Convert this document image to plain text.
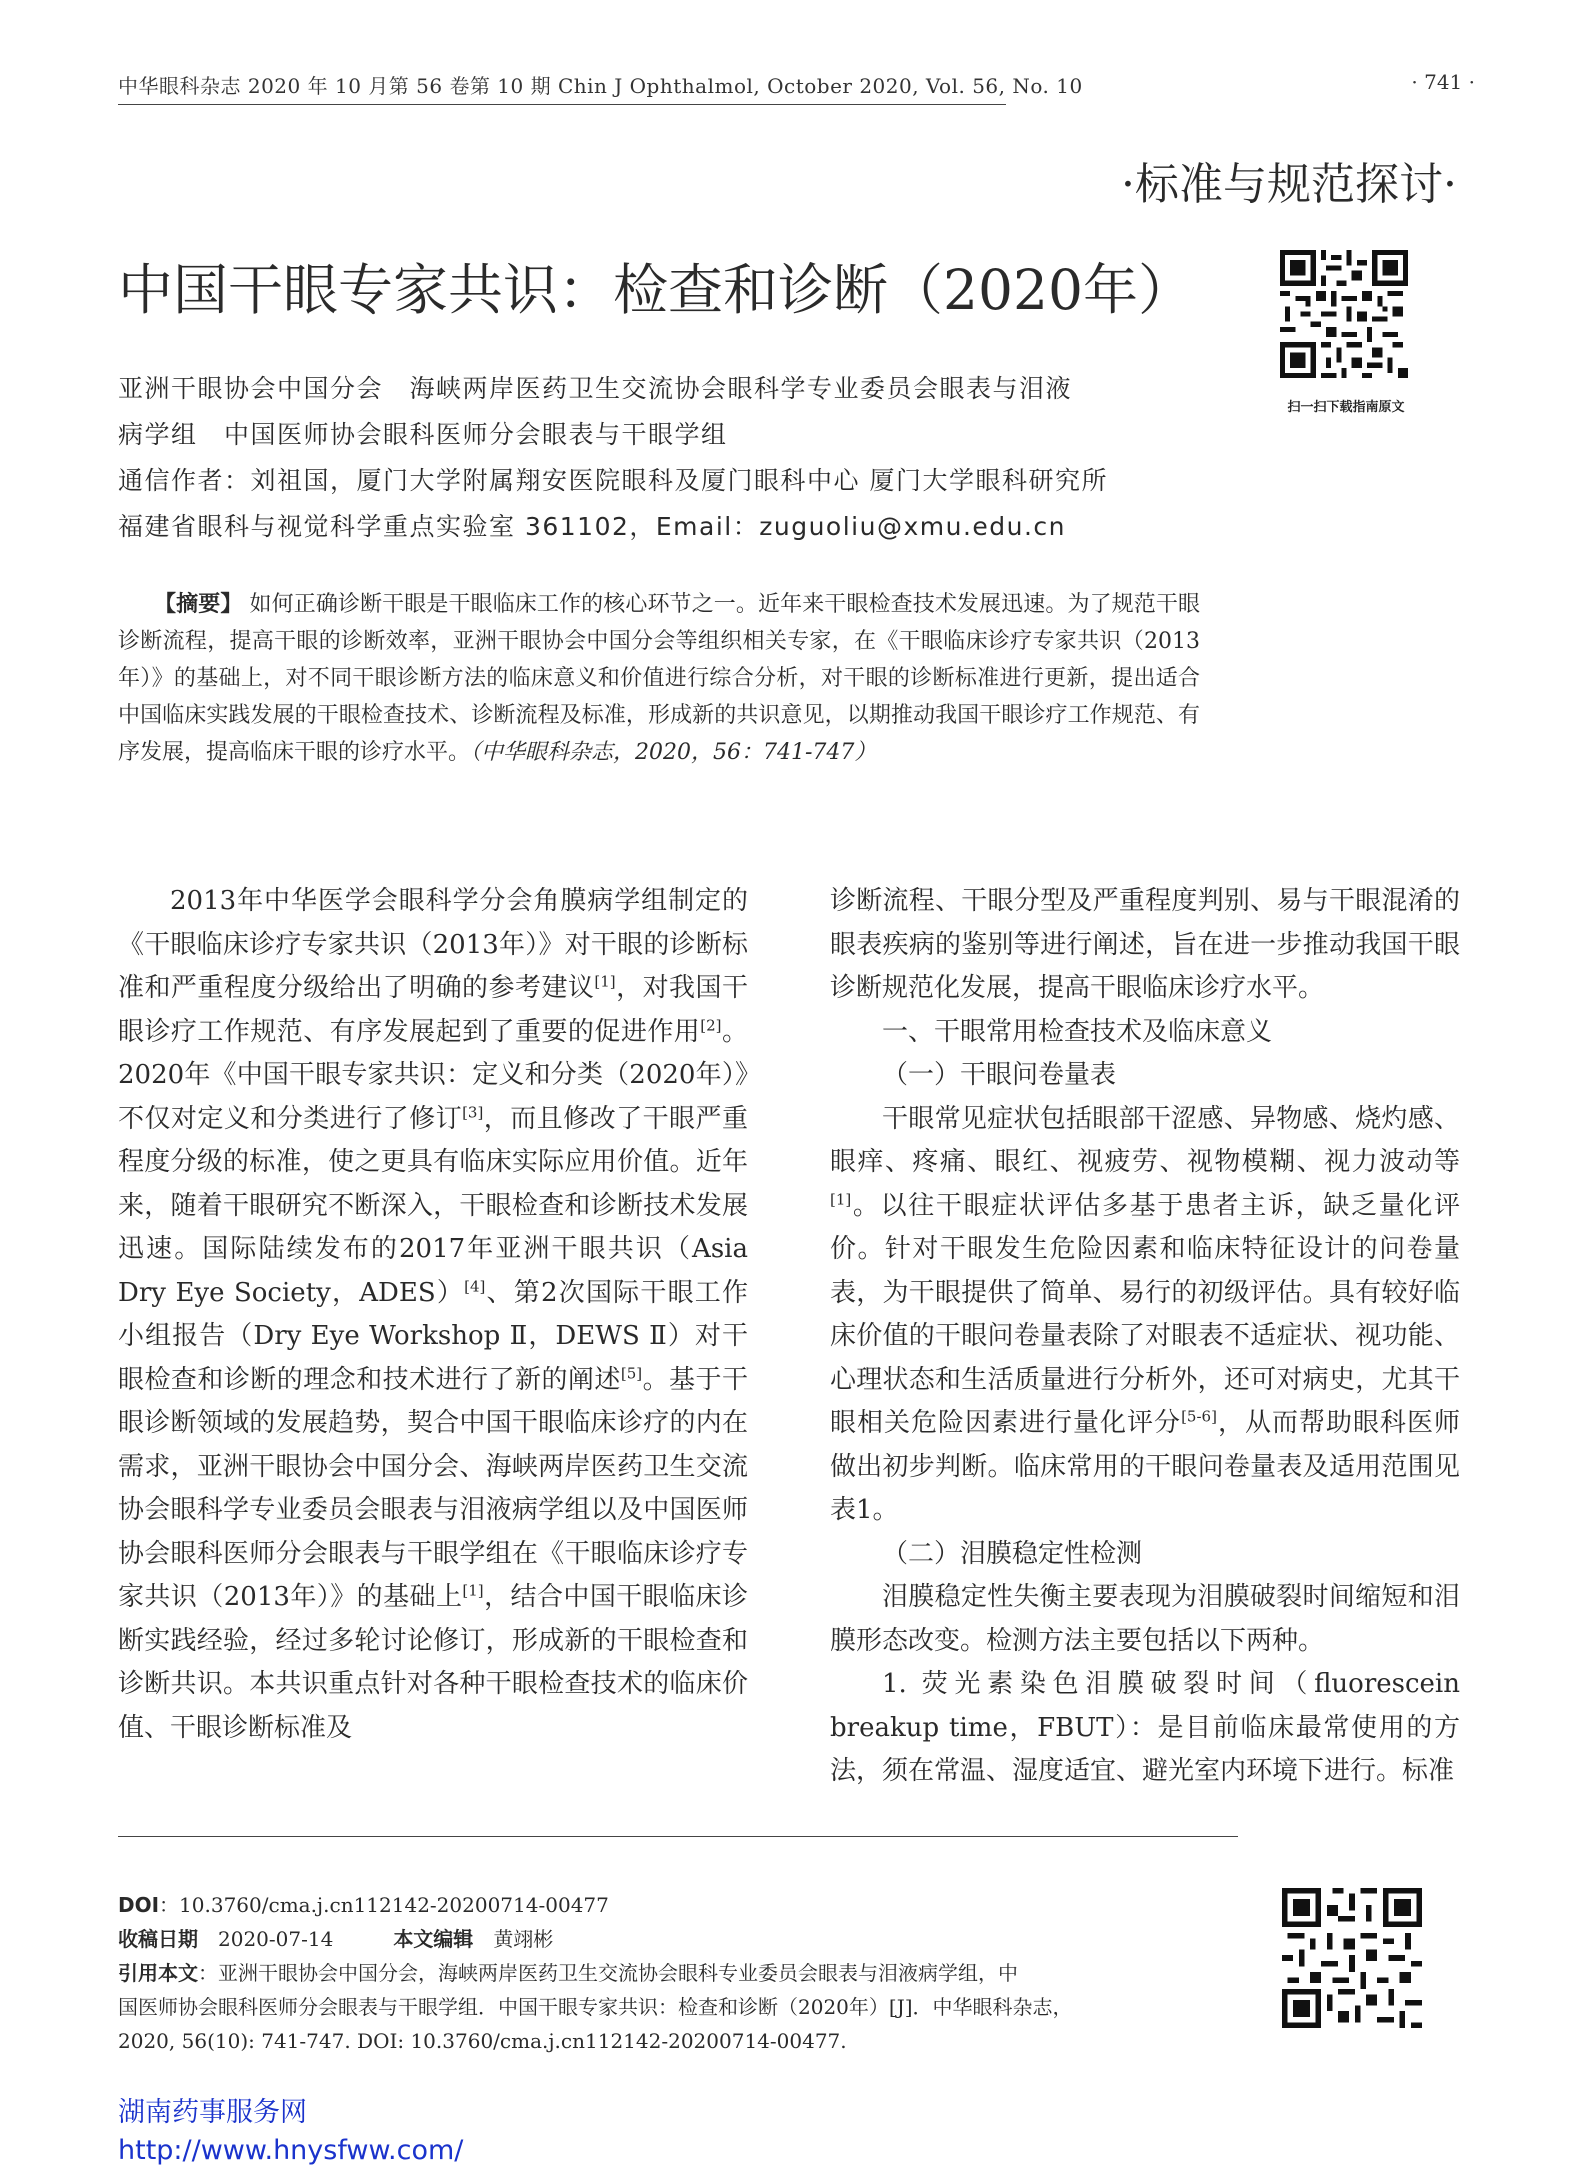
中华眼科杂志 2020 年 10 月第 56 卷第 10 期 Chin J Ophthalmol, October 2020, Vol. 56, No. 10	· 741 ·
·标准与规范探讨·
中国干眼专家共识：检查和诊断（2020年）
扫一扫下载指南原文
亚洲干眼协会中国分会　海峡两岸医药卫生交流协会眼科学专业委员会眼表与泪液
病学组　中国医师协会眼科医师分会眼表与干眼学组
通信作者：刘祖国，厦门大学附属翔安医院眼科及厦门眼科中心 厦门大学眼科研究所
福建省眼科与视觉科学重点实验室 361102，Email：zuguoliu@xmu.edu.cn
【摘要】 如何正确诊断干眼是干眼临床工作的核心环节之一。近年来干眼检查技术发展迅速。为了规范干眼诊断流程，提高干眼的诊断效率，亚洲干眼协会中国分会等组织相关专家，在《干眼临床诊疗专家共识（2013年）》的基础上，对不同干眼诊断方法的临床意义和价值进行综合分析，对干眼的诊断标准进行更新，提出适合中国临床实践发展的干眼检查技术、诊断流程及标准，形成新的共识意见，以期推动我国干眼诊疗工作规范、有序发展，提高临床干眼的诊疗水平。（中华眼科杂志，2020，56：741-747）

2013年中华医学会眼科学分会角膜病学组制定的《干眼临床诊疗专家共识（2013年）》对干眼的诊断标准和严重程度分级给出了明确的参考建议[1]，对我国干眼诊疗工作规范、有序发展起到了重要的促进作用[2]。2020年《中国干眼专家共识：定义和分类（2020年）》不仅对定义和分类进行了修订[3]，而且修改了干眼严重程度分级的标准，使之更具有临床实际应用价值。近年来，随着干眼研究不断深入，干眼检查和诊断技术发展迅速。国际陆续发布的2017年亚洲干眼共识（Asia Dry Eye Society，ADES）[4]、第2次国际干眼工作小组报告（Dry Eye Workshop Ⅱ，DEWS Ⅱ）对干眼检查和诊断的理念和技术进行了新的阐述[5]。基于干眼诊断领域的发展趋势，契合中国干眼临床诊疗的内在需求，亚洲干眼协会中国分会、海峡两岸医药卫生交流协会眼科学专业委员会眼表与泪液病学组以及中国医师协会眼科医师分会眼表与干眼学组在《干眼临床诊疗专家共识（2013年）》的基础上[1]，结合中国干眼临床诊断实践经验，经过多轮讨论修订，形成新的干眼检查和诊断共识。本共识重点针对各种干眼检查技术的临床价值、干眼诊断标准及

诊断流程、干眼分型及严重程度判别、易与干眼混淆的眼表疾病的鉴别等进行阐述，旨在进一步推动我国干眼诊断规范化发展，提高干眼临床诊疗水平。

一、干眼常用检查技术及临床意义

（一）干眼问卷量表

干眼常见症状包括眼部干涩感、异物感、烧灼感、眼痒、疼痛、眼红、视疲劳、视物模糊、视力波动等[1]。以往干眼症状评估多基于患者主诉，缺乏量化评价。针对干眼发生危险因素和临床特征设计的问卷量表，为干眼提供了简单、易行的初级评估。具有较好临床价值的干眼问卷量表除了对眼表不适症状、视功能、心理状态和生活质量进行分析外，还可对病史，尤其干眼相关危险因素进行量化评分[5-6]，从而帮助眼科医师做出初步判断。临床常用的干眼问卷量表及适用范围见表1。

（二）泪膜稳定性检测

泪膜稳定性失衡主要表现为泪膜破裂时间缩短和泪膜形态改变。检测方法主要包括以下两种。

1. 荧光素染色泪膜破裂时间（fluorescein breakup time，FBUT）：是目前临床最常使用的方法，须在常温、湿度适宜、避光室内环境下进行。标准

DOI：10.3760/cma.j.cn112142-20200714-00477
收稿日期　 2020-07-14　　　	本文编辑　 黄翊彬
引用本文：亚洲干眼协会中国分会，海峡两岸医药卫生交流协会眼科专业委员会眼表与泪液病学组，中
国医师协会眼科医师分会眼表与干眼学组．中国干眼专家共识：检查和诊断（2020年）[J]．中华眼科杂志，
2020, 56(10): 741-747. DOI: 10.3760/cma.j.cn112142-20200714-00477.
湖南药事服务网
http://www.hnysfww.com/
